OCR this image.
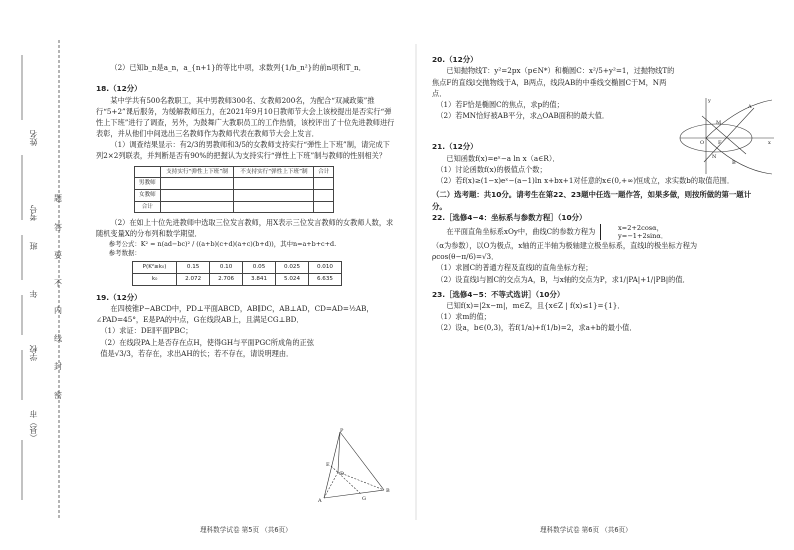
姓名
考号
班
年
学校
（县）市
题
答
要
不
内
线
封
密

（2）已知b_n是a_n，a_{n+1}的等比中项，求数列{1/b_n²}的前n项和T_n．

18.（12分）

某中学共有500名教职工，其中男教师300名、女教师200名，为配合“双减政策”推行“5+2”课后服务，为缓解教师压力，在2021年9月10日教师节大会上该校提出是否实行“弹性上下班”进行了调查，另外，为鼓舞广大教职员工的工作热情，该校评出了十位先进教师进行表彰，并从他们中间选出三名教师作为教师代表在教师节大会上发言．

（1）调查结果显示：有2/3的男教师和3/5的女教师支持实行“弹性上下班”制，请完成下列2×2列联表，并判断是否有90%的把握认为支持实行“弹性上下班”制与教师的性别相关？

	支持实行“弹性上下班”制	不支持实行“弹性上下班”制	合计
男教师			
女教师			
合计			

（2）在如上十位先进教师中选取三位发言教师，用X表示三位发言教师的女教师人数，求随机变量X的分布列和数学期望．

参考公式：K² = n(ad−bc)² / ((a+b)(c+d)(a+c)(b+d))，其中n=a+b+c+d.

参考数据：

P(K²≥k₀)	0.15	0.10	0.05	0.025	0.010
k₀	2.072	2.706	3.841	5.024	6.635

19.（12分）

在四棱锥P−ABCD中，PD⊥平面ABCD，AB∥DC，AB⊥AD，CD=AD=½AB，∠PAD=45°，E是PA的中点，G在线段AB上，且满足CG⊥BD．

（1）求证：DE∥平面PBC；

（2）在线段PA上是否存在点H，使得GH与平面PGC所成角的正弦值是√3/3，若存在，求出AH的长；若不存在，请说明理由．

P
E
A
B
D
G
理科数学试卷 第5页 （共6页）

20.（12分）

已知抛物线T：y²=2px（p∈N*）和椭圆C：x²/5+y²=1，过抛物线T的焦点F的直线l交抛物线于A，B两点，线段AB的中垂线交椭圆C于M，N两点．

（1）若F恰是椭圆C的焦点，求p的值；

（2）若MN恰好被AB平分，求△OAB面积的最大值．

21.（12分）

已知函数f(x)=eˣ−a ln x（a∈R）．

（1）讨论函数f(x)的极值点个数；

（2）若f(x)≥(1−x)eˣ−(a−1)ln x+bx+1对任意的x∈(0,+∞)恒成立，求实数b的取值范围．

（二）选考题：共10分。请考生在第22、23题中任选一题作答，如果多做，则按所做的第一题计分。

22.［选修4−4：坐标系与参数方程］（10分）

在平面直角坐标系xOy中，曲线C的参数方程为	x=2+2cosα，
y=−1+2sinα．

（α为参数），以O为极点，x轴的正半轴为极轴建立极坐标系，直线l的极坐标方程为ρcos(θ−π/6)=√3．

（1）求圆C的普通方程及直线l的直角坐标方程；

（2）设直线l与圆C的交点为A，B，与x轴的交点为P，求1/|PA|+1/|PB|的值．

23.［选修4−5：不等式选讲］（10分）

已知f(x)=|2x−m|，m∈Z，且{x∈Z | f(x)≤1}={1}．

（1）求m的值；

（2）设a，b∈(0,3)，若f(1/a)+f(1/b)=2，求a+b的最小值．

y
x
O	F
M
A
N
B
理科数学试卷 第6页 （共6页）
